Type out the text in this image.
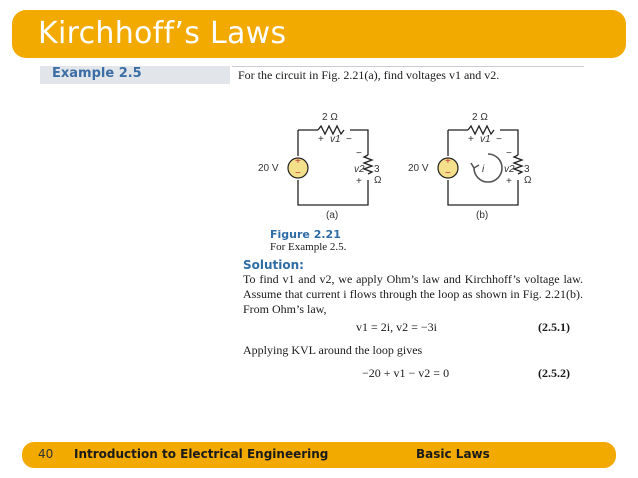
Kirchhoff’s Laws
Example 2.5	For the circuit in Fig. 2.21(a), find voltages v1 and v2.
2 Ω
+ v1 −
−
v2
+
3 Ω
20 V
+
−
(a)
2 Ω
+ v1 −
−
v2
+
3 Ω
20 V
+
−	i
(b)
Figure 2.21
For Example 2.5.
Solution:
To find v1 and v2, we apply Ohm’s law and Kirchhoff’s voltage law. Assume that current i flows through the loop as shown in Fig. 2.21(b). From Ohm’s law,
v1 = 2i, v2 = −3i	(2.5.1)
Applying KVL around the loop gives
−20 + v1 − v2 = 0	(2.5.2)
40 Introduction to Electrical Engineering	Basic Laws
